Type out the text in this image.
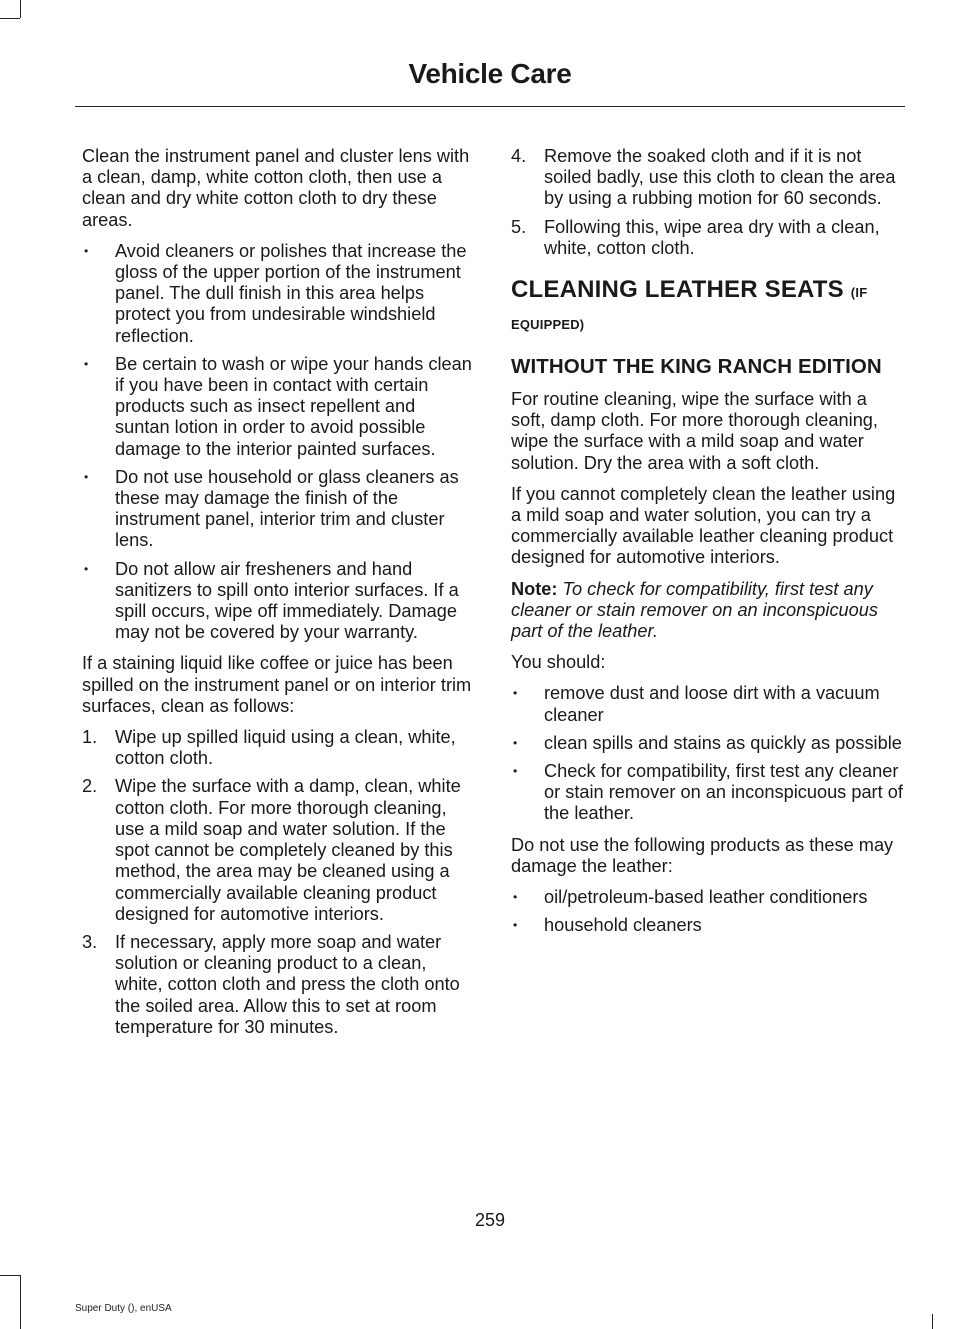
Vehicle Care

Clean the instrument panel and cluster lens with a clean, damp, white cotton cloth, then use a clean and dry white cotton cloth to dry these areas.

• Avoid cleaners or polishes that increase the gloss of the upper portion of the instrument panel. The dull finish in this area helps protect you from undesirable windshield reflection.
• Be certain to wash or wipe your hands clean if you have been in contact with certain products such as insect repellent and suntan lotion in order to avoid possible damage to the interior painted surfaces.
• Do not use household or glass cleaners as these may damage the finish of the instrument panel, interior trim and cluster lens.
• Do not allow air fresheners and hand sanitizers to spill onto interior surfaces. If a spill occurs, wipe off immediately. Damage may not be covered by your warranty.

If a staining liquid like coffee or juice has been spilled on the instrument panel or on interior trim surfaces, clean as follows:

1. Wipe up spilled liquid using a clean, white, cotton cloth.
2. Wipe the surface with a damp, clean, white cotton cloth. For more thorough cleaning, use a mild soap and water solution. If the spot cannot be completely cleaned by this method, the area may be cleaned using a commercially available cleaning product designed for automotive interiors.
3. If necessary, apply more soap and water solution or cleaning product to a clean, white, cotton cloth and press the cloth onto the soiled area. Allow this to set at room temperature for 30 minutes.
4. Remove the soaked cloth and if it is not soiled badly, use this cloth to clean the area by using a rubbing motion for 60 seconds.
5. Following this, wipe area dry with a clean, white, cotton cloth.
CLEANING LEATHER SEATS (IF
EQUIPPED)
WITHOUT THE KING RANCH EDITION

For routine cleaning, wipe the surface with a soft, damp cloth. For more thorough cleaning, wipe the surface with a mild soap and water solution. Dry the area with a soft cloth.

If you cannot completely clean the leather using a mild soap and water solution, you can try a commercially available leather cleaning product designed for automotive interiors.

Note: To check for compatibility, first test any cleaner or stain remover on an inconspicuous part of the leather.

You should:

• remove dust and loose dirt with a vacuum cleaner
• clean spills and stains as quickly as possible
• Check for compatibility, first test any cleaner or stain remover on an inconspicuous part of the leather.

Do not use the following products as these may damage the leather:

• oil/petroleum-based leather conditioners
• household cleaners
259
Super Duty (), enUSA
